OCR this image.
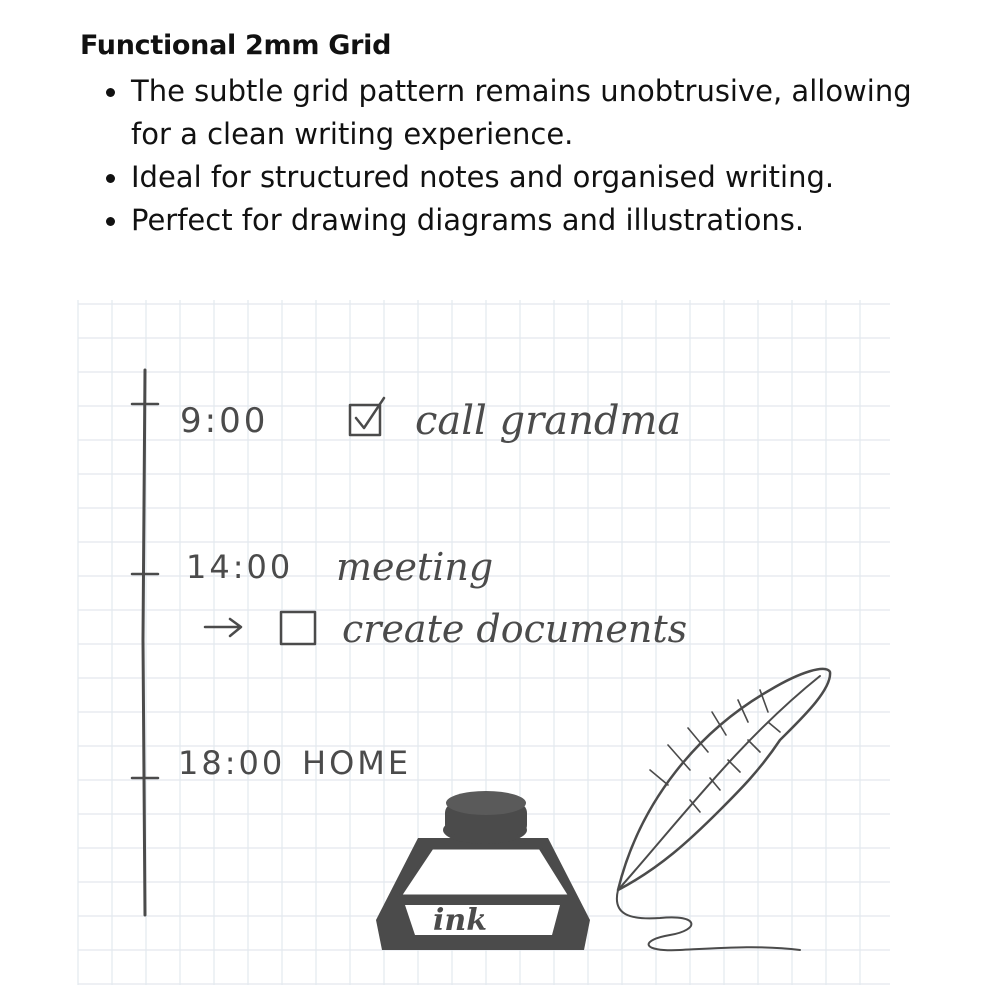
Functional 2mm Grid
The subtle grid pattern remains unobtrusive, allowing for a clean writing experience.
Ideal for structured notes and organised writing.
Perfect for drawing diagrams and illustrations.
9:00	call grandma
14:00 meeting
create documents
18:00 HOME
ink
